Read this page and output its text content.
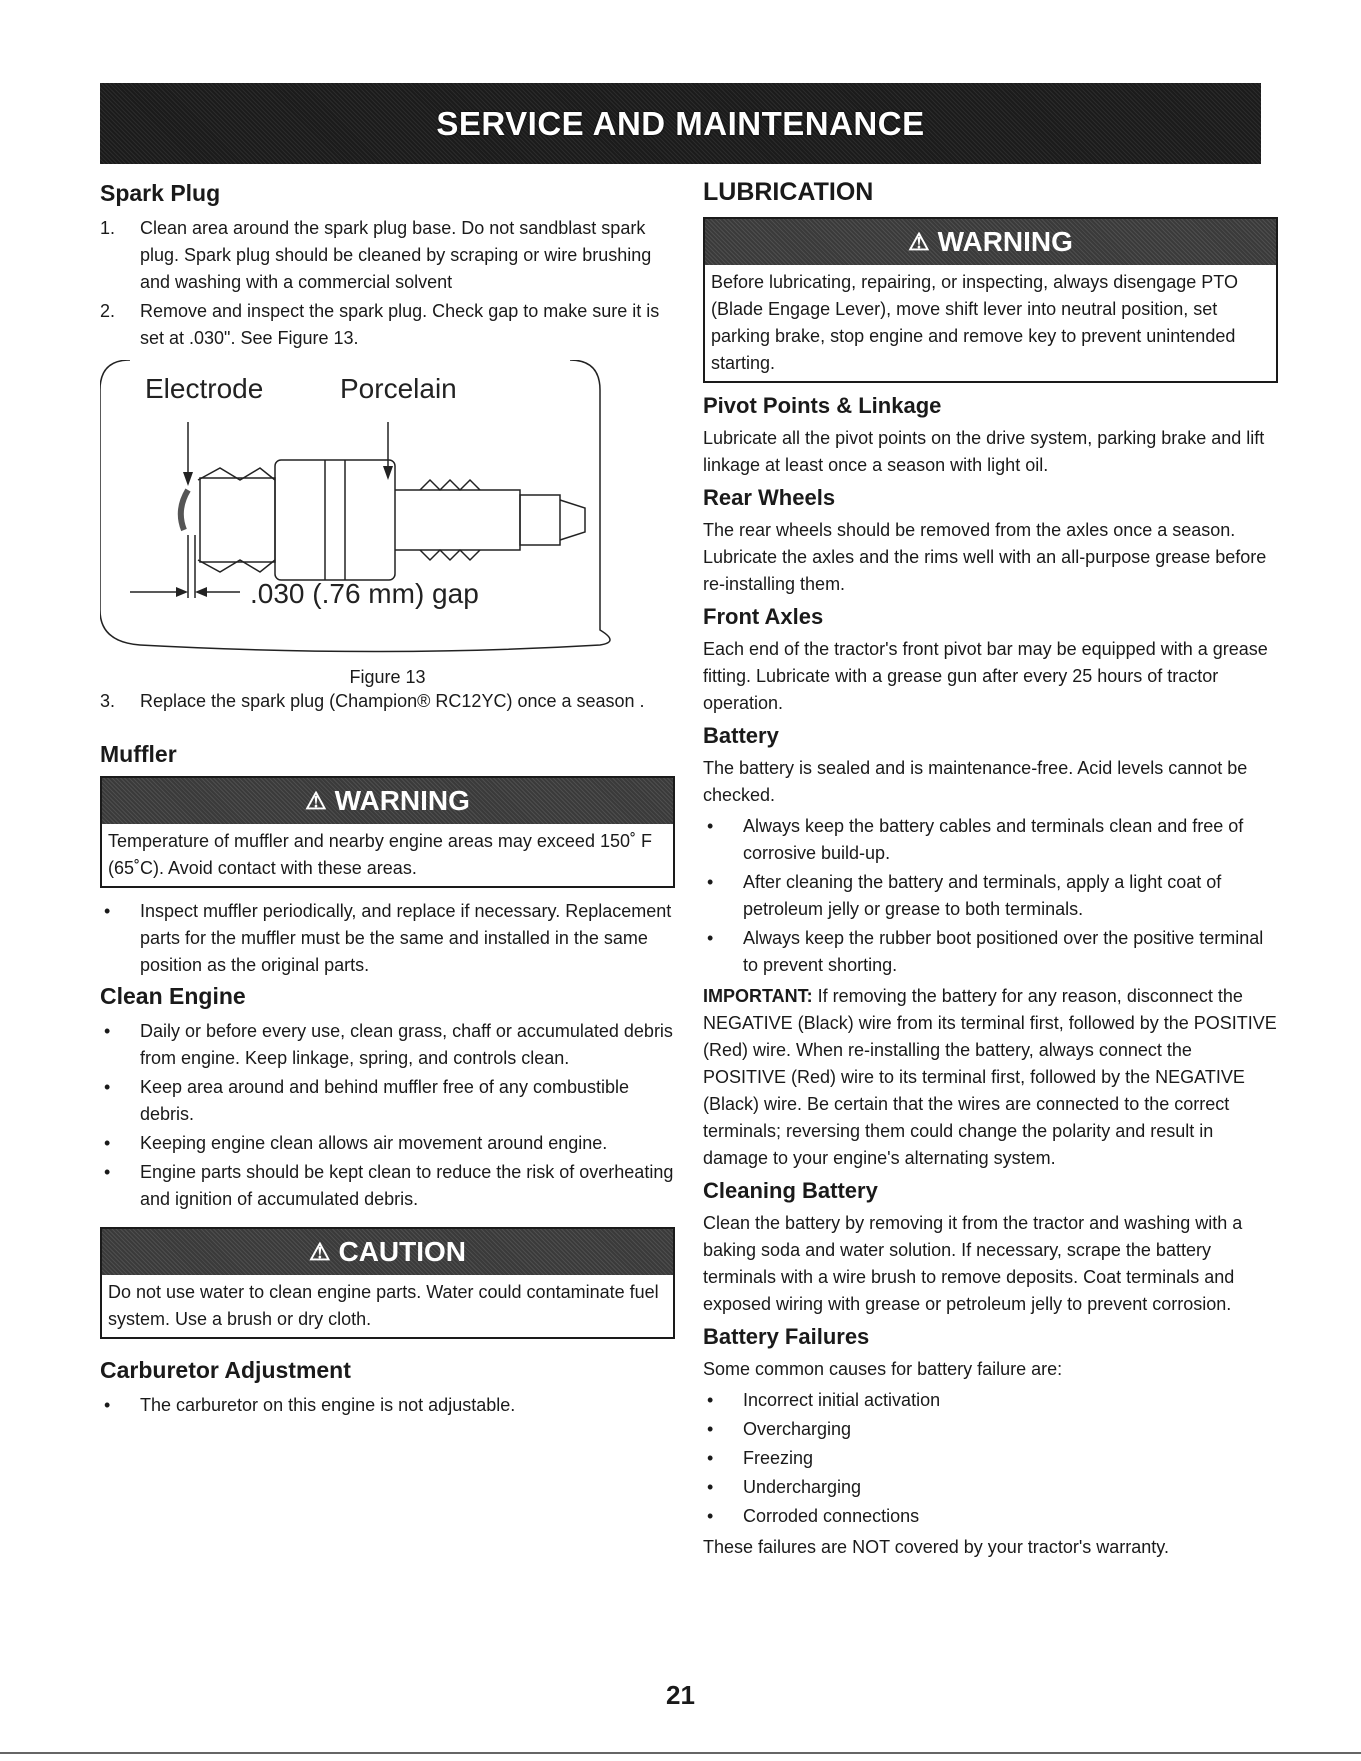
SERVICE AND MAINTENANCE
Spark Plug
1.	Clean area around the spark plug base. Do not sandblast spark plug. Spark plug should be cleaned by scraping or wire brushing and washing with a commercial solvent
2.	Remove and inspect the spark plug. Check gap to make sure it is set at .030". See Figure 13.
Electrode	Porcelain
.030 (.76 mm) gap
Figure 13
3.	Replace the spark plug (Champion® RC12YC) once a season .
Muffler
⚠ WARNING
Temperature of muffler and nearby engine areas may exceed 150˚ F (65˚C). Avoid contact with these areas.
•	Inspect muffler periodically, and replace if necessary. Replacement parts for the muffler must be the same and installed in the same position as the original parts.
Clean Engine
•	Daily or before every use, clean grass, chaff or accumulated debris from engine. Keep linkage, spring, and controls clean.
•	Keep area around and behind muffler free of any combustible debris.
•	Keeping engine clean allows air movement around engine.
•	Engine parts should be kept clean to reduce the risk of overheating and ignition of accumulated debris.
⚠ CAUTION
Do not use water to clean engine parts. Water could contaminate fuel system. Use a brush or dry cloth.
Carburetor Adjustment
•	The carburetor on this engine is not adjustable.
LUBRICATION
⚠ WARNING
Before lubricating, repairing, or inspecting, always disengage PTO (Blade Engage Lever), move shift lever into neutral position, set parking brake, stop engine and remove key to prevent unintended starting.
Pivot Points & Linkage

Lubricate all the pivot points on the drive system, parking brake and lift linkage at least once a season with light oil.

Rear Wheels

The rear wheels should be removed from the axles once a season. Lubricate the axles and the rims well with an all-purpose grease before re-installing them.

Front Axles

Each end of the tractor's front pivot bar may be equipped with a grease fitting. Lubricate with a grease gun after every 25 hours of tractor operation.

Battery

The battery is sealed and is maintenance-free. Acid levels cannot be checked.

•	Always keep the battery cables and terminals clean and free of corrosive build-up.
•	After cleaning the battery and terminals, apply a light coat of petroleum jelly or grease to both terminals.
•	Always keep the rubber boot positioned over the positive terminal to prevent shorting.

IMPORTANT: If removing the battery for any reason, disconnect the NEGATIVE (Black) wire from its terminal first, followed by the POSITIVE (Red) wire. When re-installing the battery, always connect the POSITIVE (Red) wire to its terminal first, followed by the NEGATIVE (Black) wire. Be certain that the wires are connected to the correct terminals; reversing them could change the polarity and result in damage to your engine's alternating system.

Cleaning Battery

Clean the battery by removing it from the tractor and washing with a baking soda and water solution. If necessary, scrape the battery terminals with a wire brush to remove deposits. Coat terminals and exposed wiring with grease or petroleum jelly to prevent corrosion.

Battery Failures

Some common causes for battery failure are:

•	Incorrect initial activation
•	Overcharging
•	Freezing
•	Undercharging
•	Corroded connections

These failures are NOT covered by your tractor's warranty.

21
